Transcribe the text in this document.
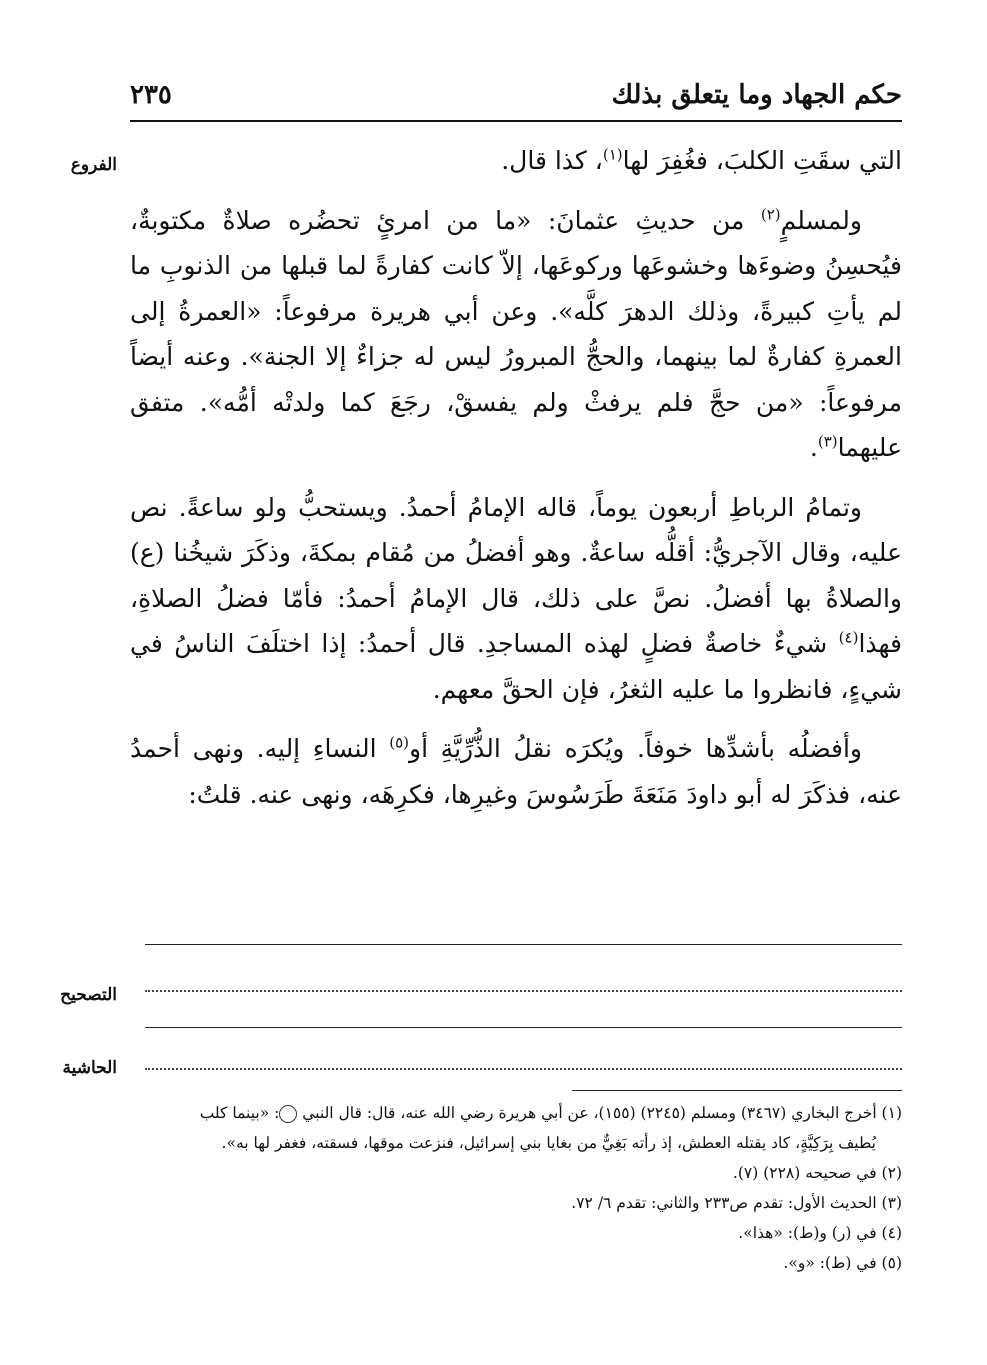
حكم الجهاد وما يتعلق بذلك
٢٣٥
الفروع
التصحيح
الحاشية

التي سقَتِ الكلبَ، فغُفِرَ لها$^{(١)}$، كذا قال.

ولمسلمٍ$^{(٢)}$ من حديثِ عثمانَ: «ما من امرئٍ تحضُره صلاةٌ مكتوبةٌ، فيُحسِنُ وضوءَها وخشوعَها وركوعَها، إلاّ كانت كفارةً لما قبلها من الذنوبِ ما لم يأتِ كبيرةً، وذلك الدهرَ كلَّه». وعن أبي هريرة مرفوعاً: «العمرةُ إلى العمرةِ كفارةٌ لما بينهما، والحجُّ المبرورُ ليس له جزاءٌ إلا الجنة». وعنه أيضاً مرفوعاً: «من حجَّ فلم يرفثْ ولم يفسقْ، رجَعَ كما ولدتْه أمُّه». متفق عليهما$^{(٣)}$.

وتمامُ الرباطِ أربعون يوماً، قاله الإمامُ أحمدُ. ويستحبُّ ولو ساعةً. نص عليه، وقال الآجريُّ: أقلُّه ساعةٌ. وهو أفضلُ من مُقام بمكةَ، وذكَرَ شيخُنا (ع) والصلاةُ بها أفضلُ. نصَّ على ذلك، قال الإمامُ أحمدُ: فأمّا فضلُ الصلاةِ، فهذا$^{(٤)}$ شيءٌ خاصةٌ فضلٍ لهذه المساجدِ. قال أحمدُ: إذا اختلَفَ الناسُ في شيءٍ، فانظروا ما عليه الثغرُ، فإن الحقَّ معهم.

وأفضلُه بأشدِّها خوفاً. ويُكرَه نقلُ الذُّرِّيَّةِ أو$^{(٥)}$ النساءِ إليه. ونهى أحمدُ عنه، فذكَرَ له أبو داودَ مَنَعَةَ طَرَسُوسَ وغيرِها، فكرِهَه، ونهى عنه. قلتُ:

(١) أخرج البخاري (٣٤٦٧) ومسلم (٢٢٤٥) (١٥٥)، عن أبي هريرة رضي الله عنه، قال: قال النبي : «بينما كلب

يُطيف بِرَكِيَّةٍ، كاد يقتله العطش، إذ رأته بَغِيٌّ من بغايا بني إسرائيل، فنزعت موقها، فسقته، فغفر لها به».

(٢) في صحيحه (٢٢٨) (٧).

(٣) الحديث الأول: تقدم ص٢٣٣ والثاني: تقدم ٦/ ٧٢.

(٤) في (ر) و(ط): «هذا».

(٥) في (ط): «و».
